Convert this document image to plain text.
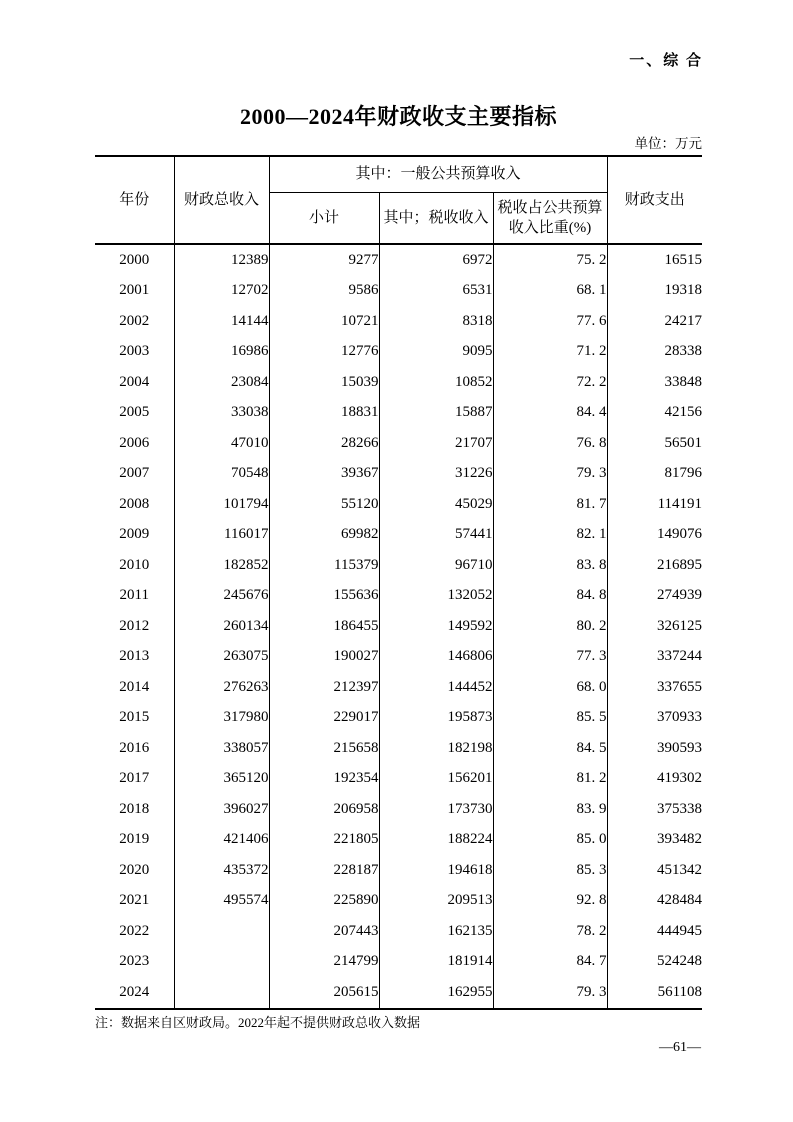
一、综 合
2000—2024年财政收支主要指标
单位：万元
年份	财政总收入	其中：一般公共预算收入			财政支出
		小计	其中；税收收入	税收占公共预算收入比重(%)	
2000	12389	9277	6972	75. 2	16515
2001	12702	9586	6531	68. 1	19318
2002	14144	10721	8318	77. 6	24217
2003	16986	12776	9095	71. 2	28338
2004	23084	15039	10852	72. 2	33848
2005	33038	18831	15887	84. 4	42156
2006	47010	28266	21707	76. 8	56501
2007	70548	39367	31226	79. 3	81796
2008	101794	55120	45029	81. 7	114191
2009	116017	69982	57441	82. 1	149076
2010	182852	115379	96710	83. 8	216895
2011	245676	155636	132052	84. 8	274939
2012	260134	186455	149592	80. 2	326125
2013	263075	190027	146806	77. 3	337244
2014	276263	212397	144452	68. 0	337655
2015	317980	229017	195873	85. 5	370933
2016	338057	215658	182198	84. 5	390593
2017	365120	192354	156201	81. 2	419302
2018	396027	206958	173730	83. 9	375338
2019	421406	221805	188224	85. 0	393482
2020	435372	228187	194618	85. 3	451342
2021	495574	225890	209513	92. 8	428484
2022		207443	162135	78. 2	444945
2023		214799	181914	84. 7	524248
2024		205615	162955	79. 3	561108
注：数据来自区财政局。2022年起不提供财政总收入数据
—61—
